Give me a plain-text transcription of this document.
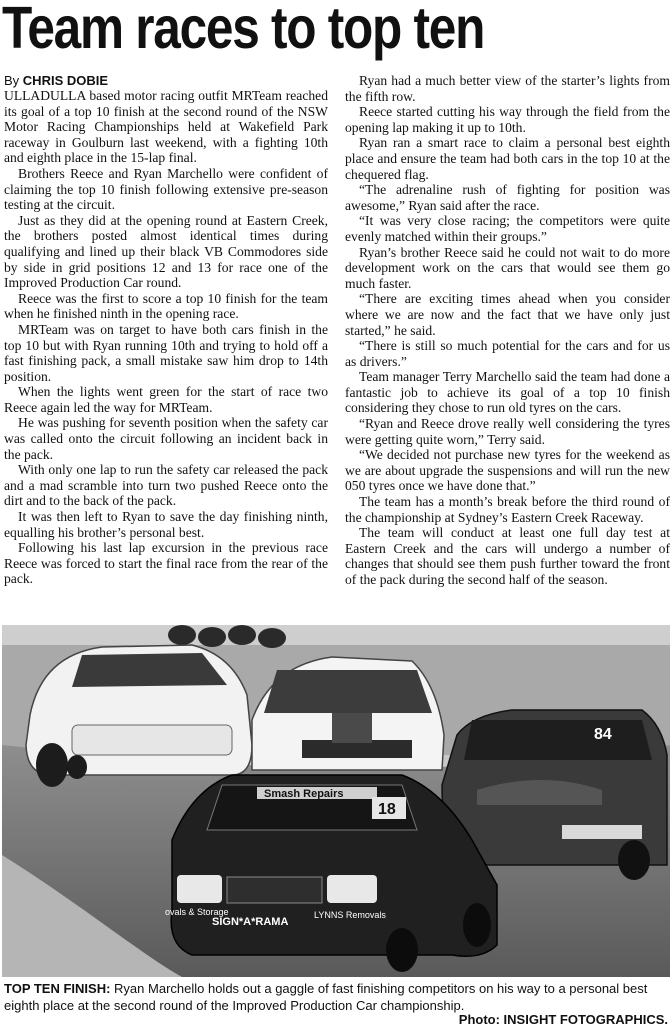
Team races to top ten
By CHRIS DOBIE

ULLADULLA based motor racing outfit MRTeam reached its goal of a top 10 finish at the second round of the NSW Motor Racing Championships held at Wakefield Park raceway in Goulburn last weekend, with a fighting 10th and eighth place in the 15-lap final.

Brothers Reece and Ryan Marchello were confident of claiming the top 10 finish following extensive pre-season testing at the circuit.

Just as they did at the opening round at Eastern Creek, the brothers posted almost identical times during qualifying and lined up their black VB Commodores side by side in grid positions 12 and 13 for race one of the Improved Production Car round.

Reece was the first to score a top 10 finish for the team when he finished ninth in the opening race.

MRTeam was on target to have both cars finish in the top 10 but with Ryan running 10th and trying to hold off a fast finishing pack, a small mistake saw him drop to 14th position.

When the lights went green for the start of race two Reece again led the way for MRTeam.

He was pushing for seventh position when the safety car was called onto the circuit following an incident back in the pack.

With only one lap to run the safety car released the pack and a mad scramble into turn two pushed Reece onto the dirt and to the back of the pack.

It was then left to Ryan to save the day finishing ninth, equalling his brother’s personal best.

Following his last lap excursion in the previous race Reece was forced to start the final race from the rear of the pack.

Ryan had a much better view of the starter’s lights from the fifth row.

Reece started cutting his way through the field from the opening lap making it up to 10th.

Ryan ran a smart race to claim a personal best eighth place and ensure the team had both cars in the top 10 at the chequered flag.

“The adrenaline rush of fighting for position was awesome,” Ryan said after the race.

“It was very close racing; the competitors were quite evenly matched within their groups.”

Ryan’s brother Reece said he could not wait to do more development work on the cars that would see them go much faster.

“There are exciting times ahead when you consider where we are now and the fact that we have only just started,” he said.

“There is still so much potential for the cars and for us as drivers.”

Team manager Terry Marchello said the team had done a fantastic job to achieve its goal of a top 10 finish considering they chose to run old tyres on the cars.

“Ryan and Reece drove really well considering the tyres were getting quite worn,” Terry said.

“We decided not purchase new tyres for the weekend as we are about upgrade the suspensions and will run the new 050 tyres once we have done that.”

The team has a month’s break before the third round of the championship at Sydney’s Eastern Creek Raceway.

The team will conduct at least one full day test at Eastern Creek and the cars will undergo a number of changes that should see them push further toward the front of the pack during the second half of the season.

84
Smash Repairs
18
SIGN*A*RAMA
LYNNS Removals
ovals & Storage
TOP TEN FINISH: Ryan Marchello holds out a gaggle of fast finishing competitors on his way to a personal best eighth place at the second round of the Improved Production Car championship.
Photo: INSIGHT FOTOGRAPHICS.
